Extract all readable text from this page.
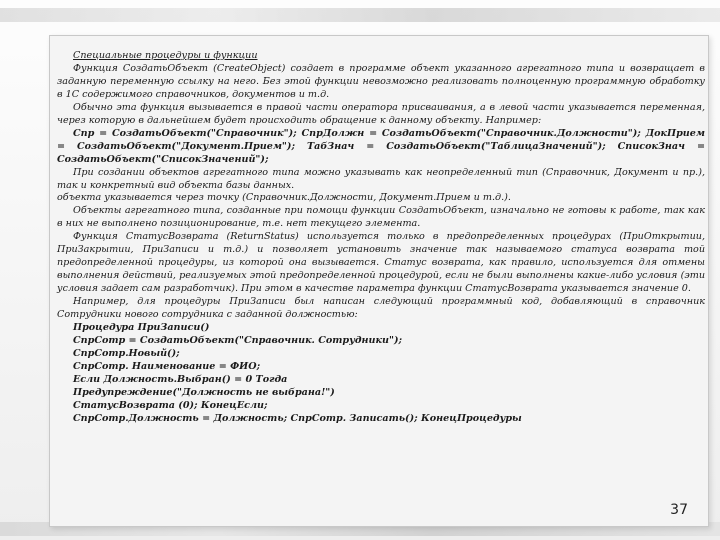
Специальные процедуры и функции

Функция СоздатьОбъект (CreateObject) создает в программе объект указанного агрегатного типа и возвращает в заданную переменную ссылку на него. Без этой функции невозможно реализовать полноценную программную обработку в 1С содержимого справочников, документов и т.д.

Обычно эта функция вызывается в правой части оператора присваивания, а в левой части указывается переменная, через которую в дальнейшем будет происходить обращение к данному объекту. Например:

Спр = СоздатьОбъект("Справочник"); СпрДолжн = СоздатьОбъект("Справочник.Должности"); ДокПрием = СоздатьОбъект("Документ.Прием"); ТабЗнач = СоздатьОбъект("ТаблицаЗначений"); СписокЗнач = СоздатьОбъект("СписокЗначений");

При создании объектов агрегатного типа можно указывать как неопределенный тип (Справочник, Документ и пр.), так и конкретный вид объекта базы данных.

объекта указывается через точку (Справочник.Должности, Документ.Прием и т.д.).

Объекты агрегатного типа, созданные при помощи функции СоздатьОбъект, изначально не готовы к работе, так как в них не выполнено позиционирование, т.е. нет текущего элемента.

Функция СтатусВозврата (ReturnStatus) используется только в предопределенных процедурах (ПриОткрытии, ПриЗакрытии, ПриЗаписи и т.д.) и позволяет установить значение так называемого статуса возврата той предопределенной процедуры, из которой она вызывается. Статус возврата, как правило, используется для отмены выполнения действий, реализуемых этой предопределенной процедурой, если не были выполнены какие-либо условия (эти условия задает сам разработчик). При этом в качестве параметра функции СтатусВозврата указывается значение 0.

Например, для процедуры ПриЗаписи был написан следующий программный код, добавляющий в справочник Сотрудники нового сотрудника с заданной должностью:

Процедура ПриЗаписи()

СпрСотр = СоздатьОбъект("Справочник. Сотрудники");

СпрСотр.Новый();

СпрСотр. Наименование = ФИО;

Если Должность.Выбран() = 0 Тогда

Предупреждение("Должность не выбрана!")

СтатусВозврата (0); КонецЕсли;

СпрСотр.Должность = Должность; СпрСотр. Записать(); КонецПроцедуры

37
